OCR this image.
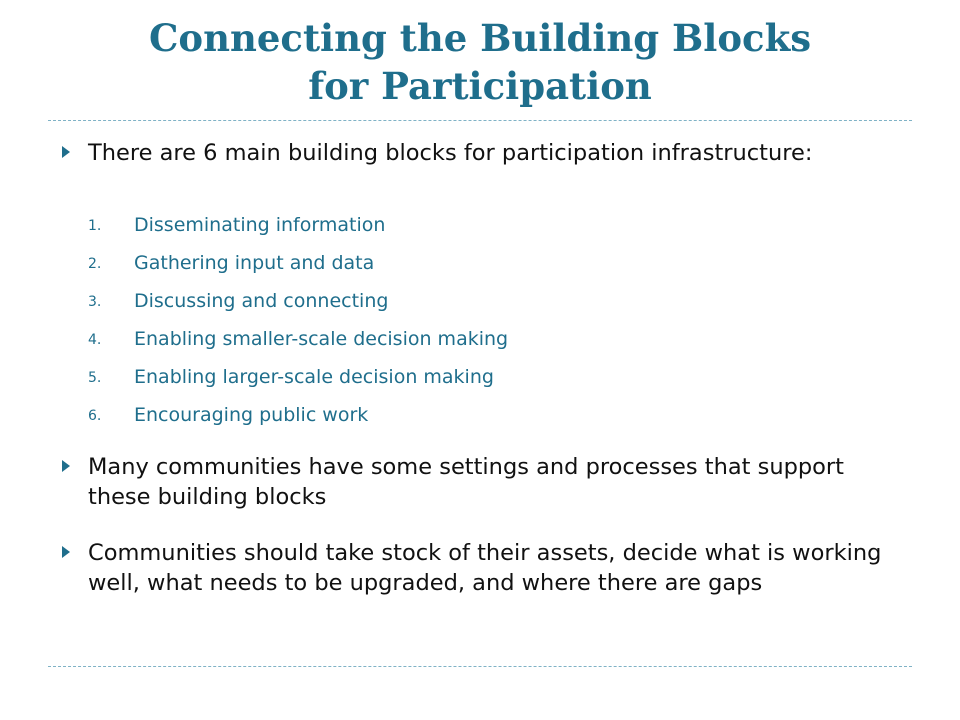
Connecting the Building Blocks
for Participation
There are 6 main building blocks for participation infrastructure:
1.	Disseminating information
2.	Gathering input and data
3.	Discussing and connecting
4.	Enabling smaller-scale decision making
5.	Enabling larger-scale decision making
6.	Encouraging public work
Many communities have some settings and processes that support these building blocks
Communities should take stock of their assets, decide what is working well, what needs to be upgraded, and where there are gaps
